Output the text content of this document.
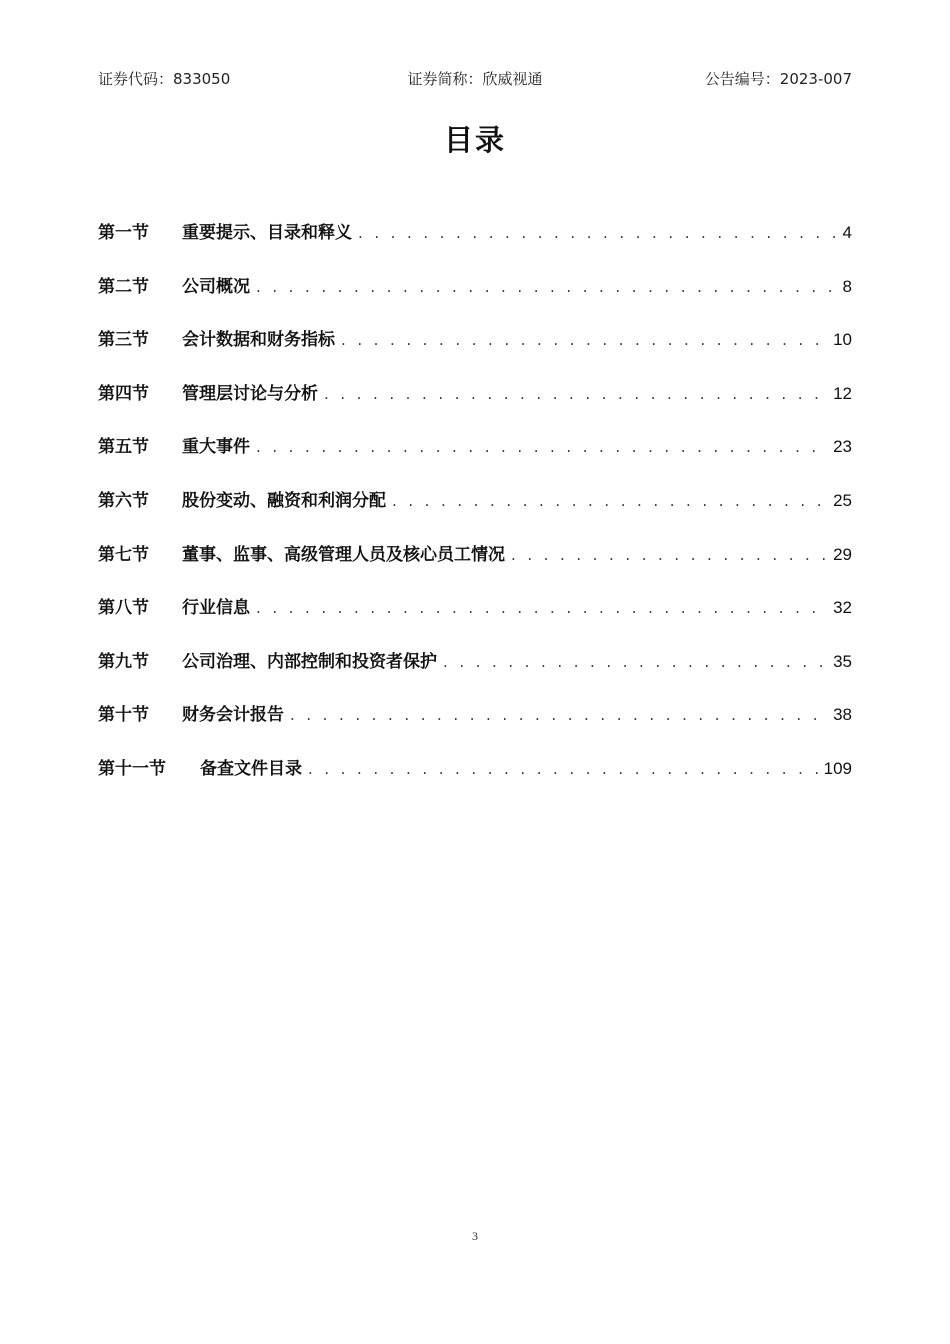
证券代码：833050	证券简称：欣威视通	公告编号：2023-007
目录
第一节	重要提示、目录和释义 . . .	4
第二节	公司概况 . . .	8
第三节	会计数据和财务指标 . . .	10
第四节	管理层讨论与分析 . . .	12
第五节	重大事件 . . .	23
第六节	股份变动、融资和利润分配 . . .	25
第七节	董事、监事、高级管理人员及核心员工情况 . . .	29
第八节	行业信息 . . .	32
第九节	公司治理、内部控制和投资者保护 . . .	35
第十节	财务会计报告 . . .	38
第十一节	备查文件目录 . . .	109
3
